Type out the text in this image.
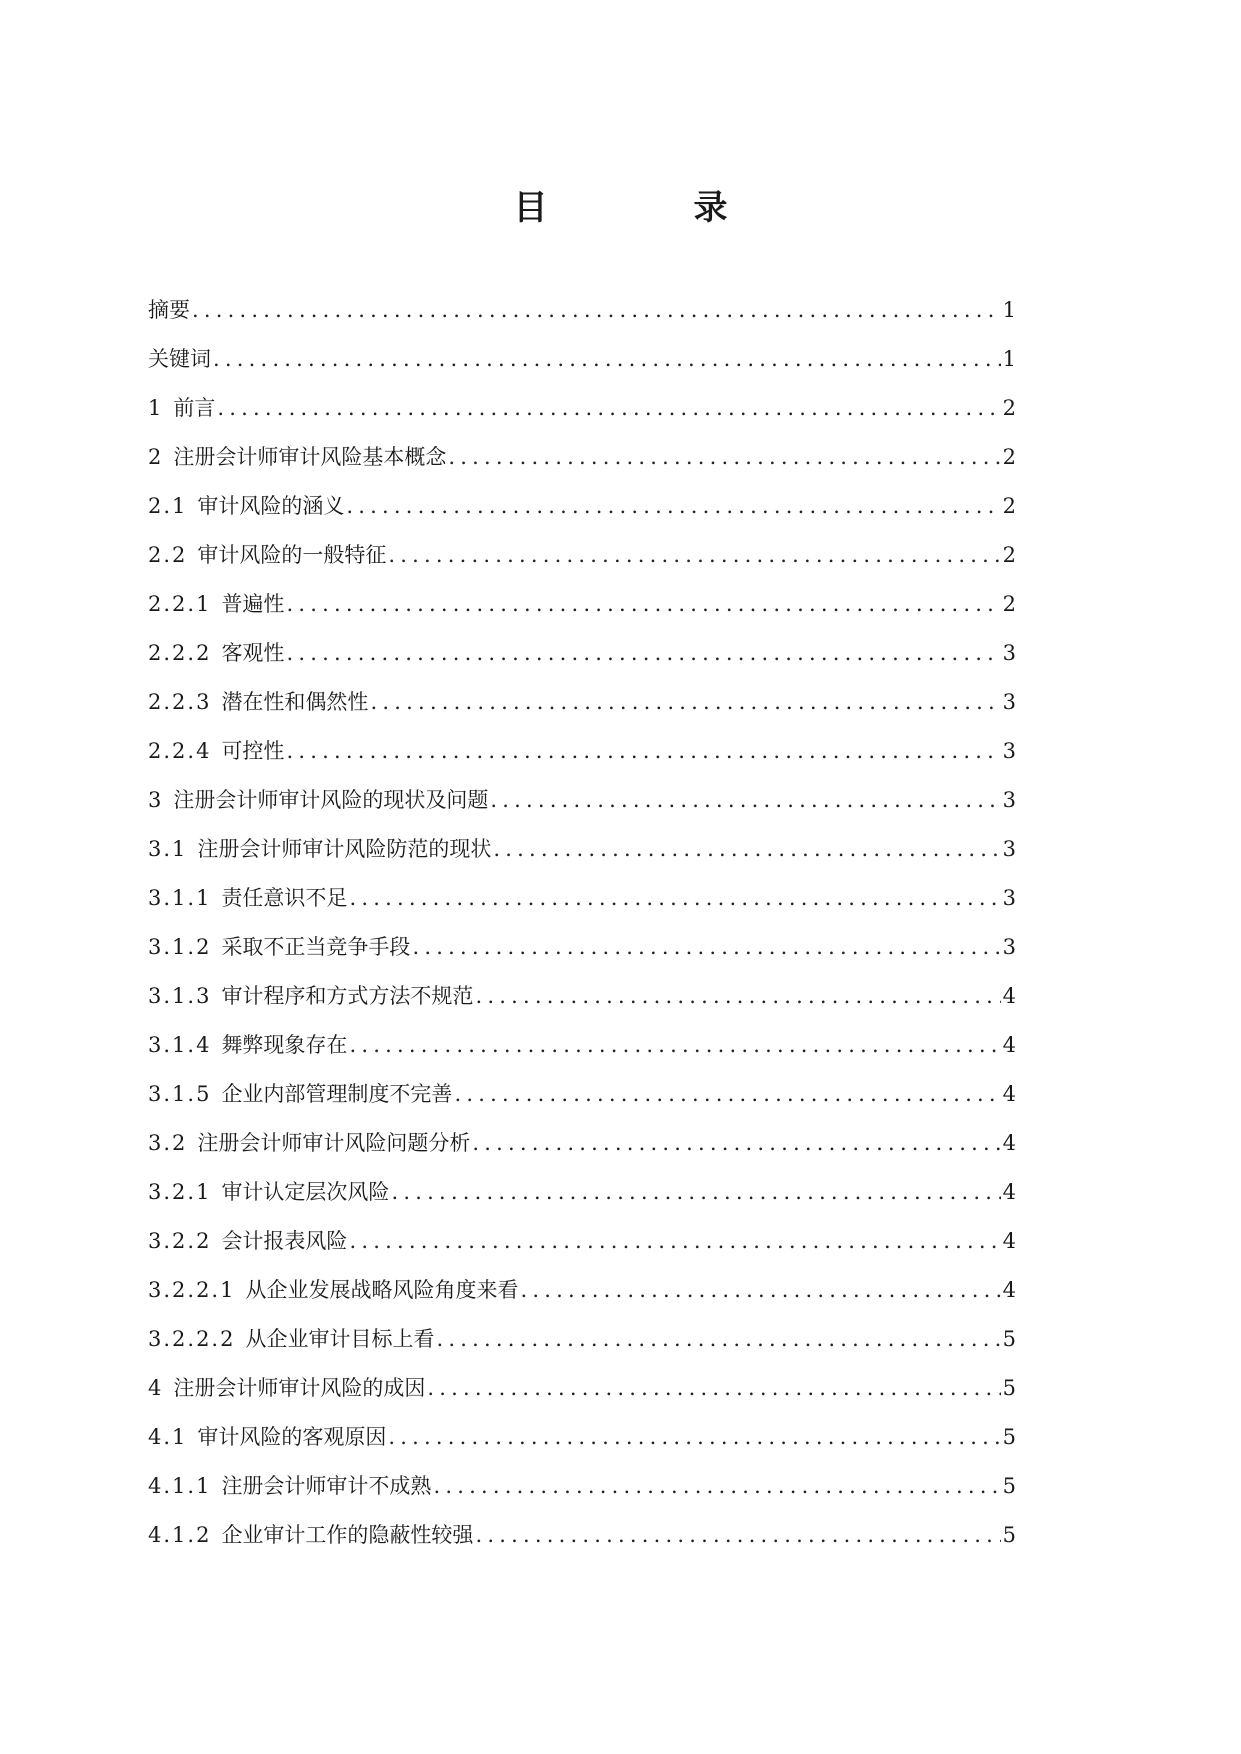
目　录
摘要 .....	1
关键词 .....	1
1 前言 .....	2
2 注册会计师审计风险基本概念 .....	2
2.1 审计风险的涵义 .....	2
2.2 审计风险的一般特征 .....	2
2.2.1 普遍性 .....	2
2.2.2 客观性 .....	3
2.2.3 潜在性和偶然性 .....	3
2.2.4 可控性 .....	3
3 注册会计师审计风险的现状及问题 .....	3
3.1 注册会计师审计风险防范的现状 .....	3
3.1.1 责任意识不足 .....	3
3.1.2 采取不正当竞争手段 .....	3
3.1.3 审计程序和方式方法不规范 .....	4
3.1.4 舞弊现象存在 .....	4
3.1.5 企业内部管理制度不完善 .....	4
3.2 注册会计师审计风险问题分析 .....	4
3.2.1 审计认定层次风险 .....	4
3.2.2 会计报表风险 .....	4
3.2.2.1 从企业发展战略风险角度来看 .....	4
3.2.2.2 从企业审计目标上看 .....	5
4 注册会计师审计风险的成因 .....	5
4.1 审计风险的客观原因 .....	5
4.1.1 注册会计师审计不成熟 .....	5
4.1.2 企业审计工作的隐蔽性较强 .....	5
